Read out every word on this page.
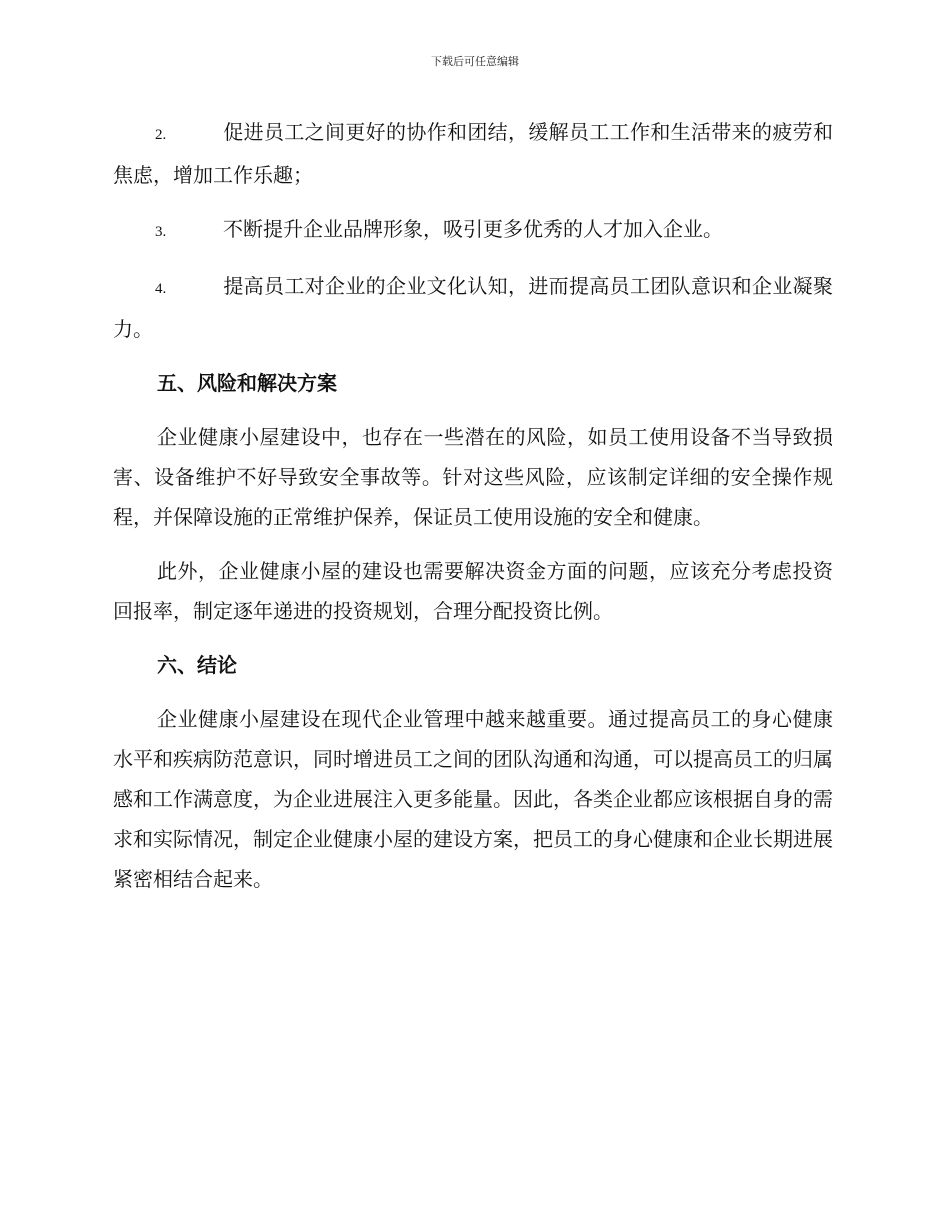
下载后可任意编辑

2.	促进员工之间更好的协作和团结，缓解员工工作和生活带来的疲劳和焦虑，增加工作乐趣；

3.	不断提升企业品牌形象，吸引更多优秀的人才加入企业。

4.	提高员工对企业的企业文化认知，进而提高员工团队意识和企业凝聚力。

五、风险和解决方案

企业健康小屋建设中，也存在一些潜在的风险，如员工使用设备不当导致损害、设备维护不好导致安全事故等。针对这些风险，应该制定详细的安全操作规程，并保障设施的正常维护保养，保证员工使用设施的安全和健康。

此外，企业健康小屋的建设也需要解决资金方面的问题，应该充分考虑投资回报率，制定逐年递进的投资规划，合理分配投资比例。

六、结论

企业健康小屋建设在现代企业管理中越来越重要。通过提高员工的身心健康水平和疾病防范意识，同时增进员工之间的团队沟通和沟通，可以提高员工的归属感和工作满意度，为企业进展注入更多能量。因此，各类企业都应该根据自身的需求和实际情况，制定企业健康小屋的建设方案，把员工的身心健康和企业长期进展紧密相结合起来。
